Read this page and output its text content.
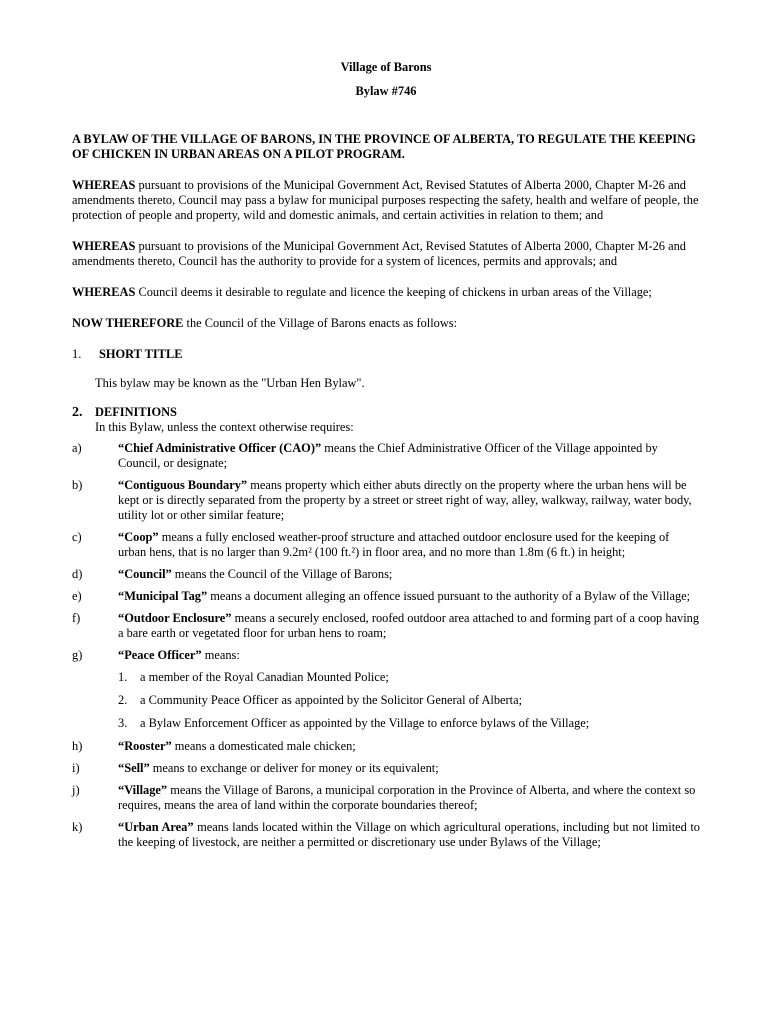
Village of Barons
Bylaw #746
A BYLAW OF THE VILLAGE OF BARONS, IN THE PROVINCE OF ALBERTA, TO REGULATE THE KEEPING OF CHICKEN IN URBAN AREAS ON A PILOT PROGRAM.

WHEREAS pursuant to provisions of the Municipal Government Act, Revised Statutes of Alberta 2000, Chapter M-26 and amendments thereto, Council may pass a bylaw for municipal purposes respecting the safety, health and welfare of people, the protection of people and property, wild and domestic animals, and certain activities in relation to them; and

WHEREAS pursuant to provisions of the Municipal Government Act, Revised Statutes of Alberta 2000, Chapter M-26 and amendments thereto, Council has the authority to provide for a system of licences, permits and approvals; and

WHEREAS Council deems it desirable to regulate and licence the keeping of chickens in urban areas of the Village;

NOW THEREFORE the Council of the Village of Barons enacts as follows:

1.	SHORT TITLE
This bylaw may be known as the "Urban Hen Bylaw".
2.	DEFINITIONS
In this Bylaw, unless the context otherwise requires:
a)	“Chief Administrative Officer (CAO)” means the Chief Administrative Officer of the Village appointed by Council, or designate;
b)	“Contiguous Boundary” means property which either abuts directly on the property where the urban hens will be kept or is directly separated from the property by a street or street right of way, alley, walkway, railway, water body, utility lot or other similar feature;
c)	“Coop” means a fully enclosed weather-proof structure and attached outdoor enclosure used for the keeping of urban hens, that is no larger than 9.2m² (100 ft.²) in floor area, and no more than 1.8m (6 ft.) in height;
d)	“Council” means the Council of the Village of Barons;
e)	“Municipal Tag” means a document alleging an offence issued pursuant to the authority of a Bylaw of the Village;
f)	“Outdoor Enclosure” means a securely enclosed, roofed outdoor area attached to and forming part of a coop having a bare earth or vegetated floor for urban hens to roam;
g)	“Peace Officer” means:
1.	a member of the Royal Canadian Mounted Police;
2.	a Community Peace Officer as appointed by the Solicitor General of Alberta;
3.	a Bylaw Enforcement Officer as appointed by the Village to enforce bylaws of the Village;
h)	“Rooster” means a domesticated male chicken;
i)	“Sell” means to exchange or deliver for money or its equivalent;
j)	“Village” means the Village of Barons, a municipal corporation in the Province of Alberta, and where the context so requires, means the area of land within the corporate boundaries thereof;
k)	“Urban Area” means lands located within the Village on which agricultural operations, including but not limited to the keeping of livestock, are neither a permitted or discretionary use under Bylaws of the Village;
